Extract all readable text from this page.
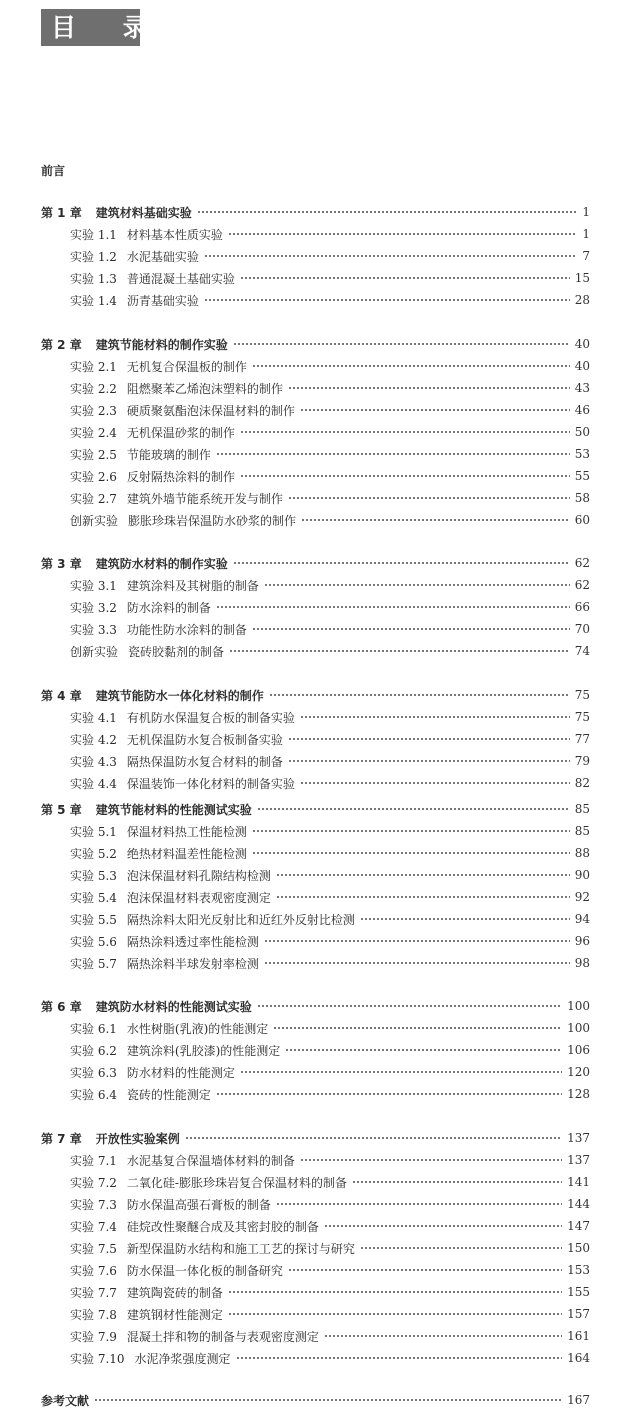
目 录
前言
第 1 章 建筑材料基础实验	1
实验 1.1 材料基本性质实验	1
实验 1.2 水泥基础实验	7
实验 1.3 普通混凝土基础实验	15
实验 1.4 沥青基础实验	28
第 2 章 建筑节能材料的制作实验	40
实验 2.1 无机复合保温板的制作	40
实验 2.2 阻燃聚苯乙烯泡沫塑料的制作	43
实验 2.3 硬质聚氨酯泡沫保温材料的制作	46
实验 2.4 无机保温砂浆的制作	50
实验 2.5 节能玻璃的制作	53
实验 2.6 反射隔热涂料的制作	55
实验 2.7 建筑外墙节能系统开发与制作	58
创新实验 膨胀珍珠岩保温防水砂浆的制作	60
第 3 章 建筑防水材料的制作实验	62
实验 3.1 建筑涂料及其树脂的制备	62
实验 3.2 防水涂料的制备	66
实验 3.3 功能性防水涂料的制备	70
创新实验 瓷砖胶黏剂的制备	74
第 4 章 建筑节能防水一体化材料的制作	75
实验 4.1 有机防水保温复合板的制备实验	75
实验 4.2 无机保温防水复合板制备实验	77
实验 4.3 隔热保温防水复合材料的制备	79
实验 4.4 保温装饰一体化材料的制备实验	82
第 5 章 建筑节能材料的性能测试实验	85
实验 5.1 保温材料热工性能检测	85
实验 5.2 绝热材料温差性能检测	88
实验 5.3 泡沫保温材料孔隙结构检测	90
实验 5.4 泡沫保温材料表观密度测定	92
实验 5.5 隔热涂料太阳光反射比和近红外反射比检测	94
实验 5.6 隔热涂料透过率性能检测	96
实验 5.7 隔热涂料半球发射率检测	98
第 6 章 建筑防水材料的性能测试实验	100
实验 6.1 水性树脂(乳液)的性能测定	100
实验 6.2 建筑涂料(乳胶漆)的性能测定	106
实验 6.3 防水材料的性能测定	120
实验 6.4 瓷砖的性能测定	128
第 7 章 开放性实验案例	137
实验 7.1 水泥基复合保温墙体材料的制备	137
实验 7.2 二氧化硅-膨胀珍珠岩复合保温材料的制备	141
实验 7.3 防水保温高强石膏板的制备	144
实验 7.4 硅烷改性聚醚合成及其密封胶的制备	147
实验 7.5 新型保温防水结构和施工工艺的探讨与研究	150
实验 7.6 防水保温一体化板的制备研究	153
实验 7.7 建筑陶瓷砖的制备	155
实验 7.8 建筑钢材性能测定	157
实验 7.9 混凝土拌和物的制备与表观密度测定	161
实验 7.10 水泥净浆强度测定	164
参考文献	167
